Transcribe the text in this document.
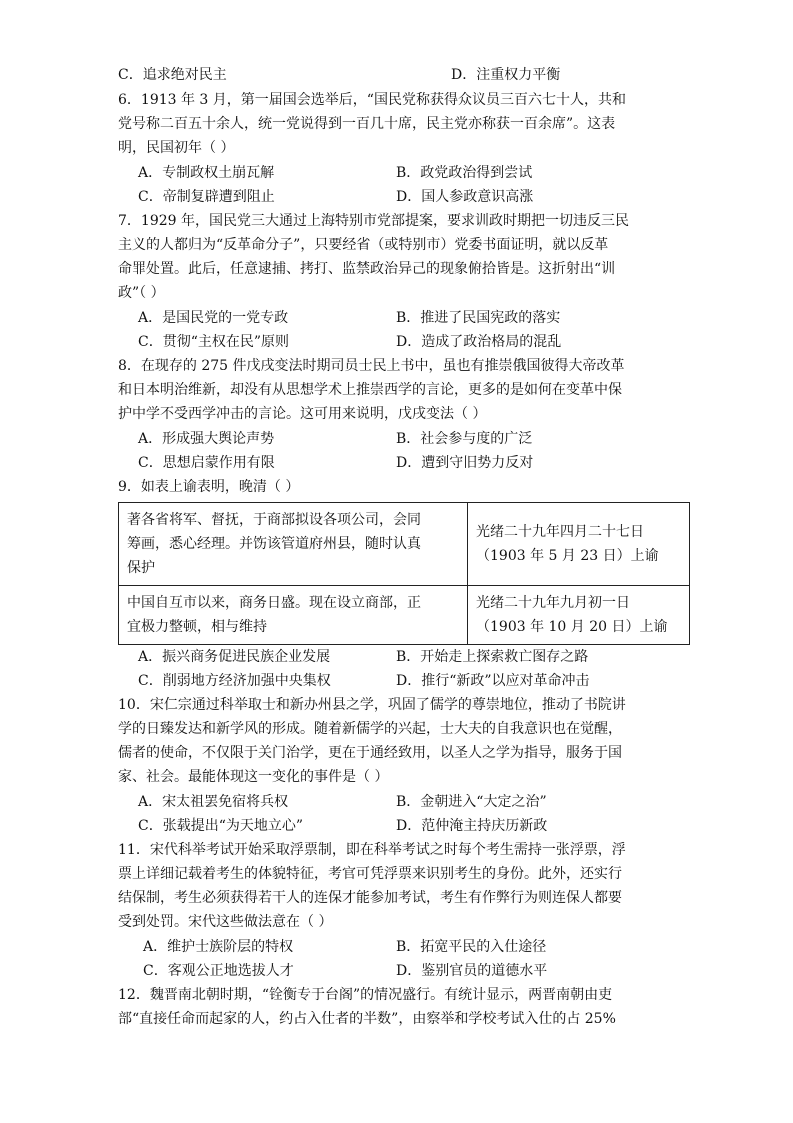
C．追求绝对民主	D．注重权力平衡
6．1913 年 3 月，第一届国会选举后，“国民党称获得众议员三百六七十人，共和
党号称二百五十余人，统一党说得到一百几十席，民主党亦称获一百余席”。这表
明，民国初年（ ）
A．专制政权土崩瓦解	B．政党政治得到尝试
C．帝制复辟遭到阻止	D．国人参政意识高涨
7．1929 年，国民党三大通过上海特别市党部提案，要求训政时期把一切违反三民
主义的人都归为“反革命分子”，只要经省（或特别市）党委书面证明，就以反革
命罪处置。此后，任意逮捕、拷打、监禁政治异己的现象俯拾皆是。这折射出“训
政”（ ）
A．是国民党的一党专政	B．推进了民国宪政的落实
C．贯彻“主权在民”原则	D．造成了政治格局的混乱
8．在现存的 275 件戊戌变法时期司员士民上书中，虽也有推崇俄国彼得大帝改革
和日本明治维新，却没有从思想学术上推崇西学的言论，更多的是如何在变革中保
护中学不受西学冲击的言论。这可用来说明，戊戌变法（ ）
A．形成强大舆论声势	B．社会参与度的广泛
C．思想启蒙作用有限	D．遭到守旧势力反对
9．如表上谕表明，晚清（ ）
著各省将军、督抚，于商部拟设各项公司，会同
筹画，悉心经理。并饬该管道府州县，随时认真
保护	光绪二十九年四月二十七日
（1903 年 5 月 23 日）上谕

中国自互市以来，商务日盛。现在设立商部，正
宜极力整顿，相与维持	光绪二十九年九月初一日
（1903 年 10 月 20 日）上谕
A．振兴商务促进民族企业发展	B．开始走上探索救亡图存之路
C．削弱地方经济加强中央集权	D．推行“新政”以应对革命冲击
10．宋仁宗通过科举取士和新办州县之学，巩固了儒学的尊崇地位，推动了书院讲
学的日臻发达和新学风的形成。随着新儒学的兴起，士大夫的自我意识也在觉醒，
儒者的使命，不仅限于关门治学，更在于通经致用，以圣人之学为指导，服务于国
家、社会。最能体现这一变化的事件是（ ）
A．宋太祖罢免宿将兵权	B．金朝进入“大定之治”
C．张载提出“为天地立心”	D．范仲淹主持庆历新政
11．宋代科举考试开始采取浮票制，即在科举考试之时每个考生需持一张浮票，浮
票上详细记载着考生的体貌特征，考官可凭浮票来识别考生的身份。此外，还实行
结保制，考生必须获得若干人的连保才能参加考试，考生有作弊行为则连保人都要
受到处罚。宋代这些做法意在（ ）
A．维护士族阶层的特权	B．拓宽平民的入仕途径
C．客观公正地选拔人才	D．鉴别官员的道德水平
12．魏晋南北朝时期，“铨衡专于台阁”的情况盛行。有统计显示，两晋南朝由吏
部“直接任命而起家的人，约占入仕者的半数”，由察举和学校考试入仕的占 25%
